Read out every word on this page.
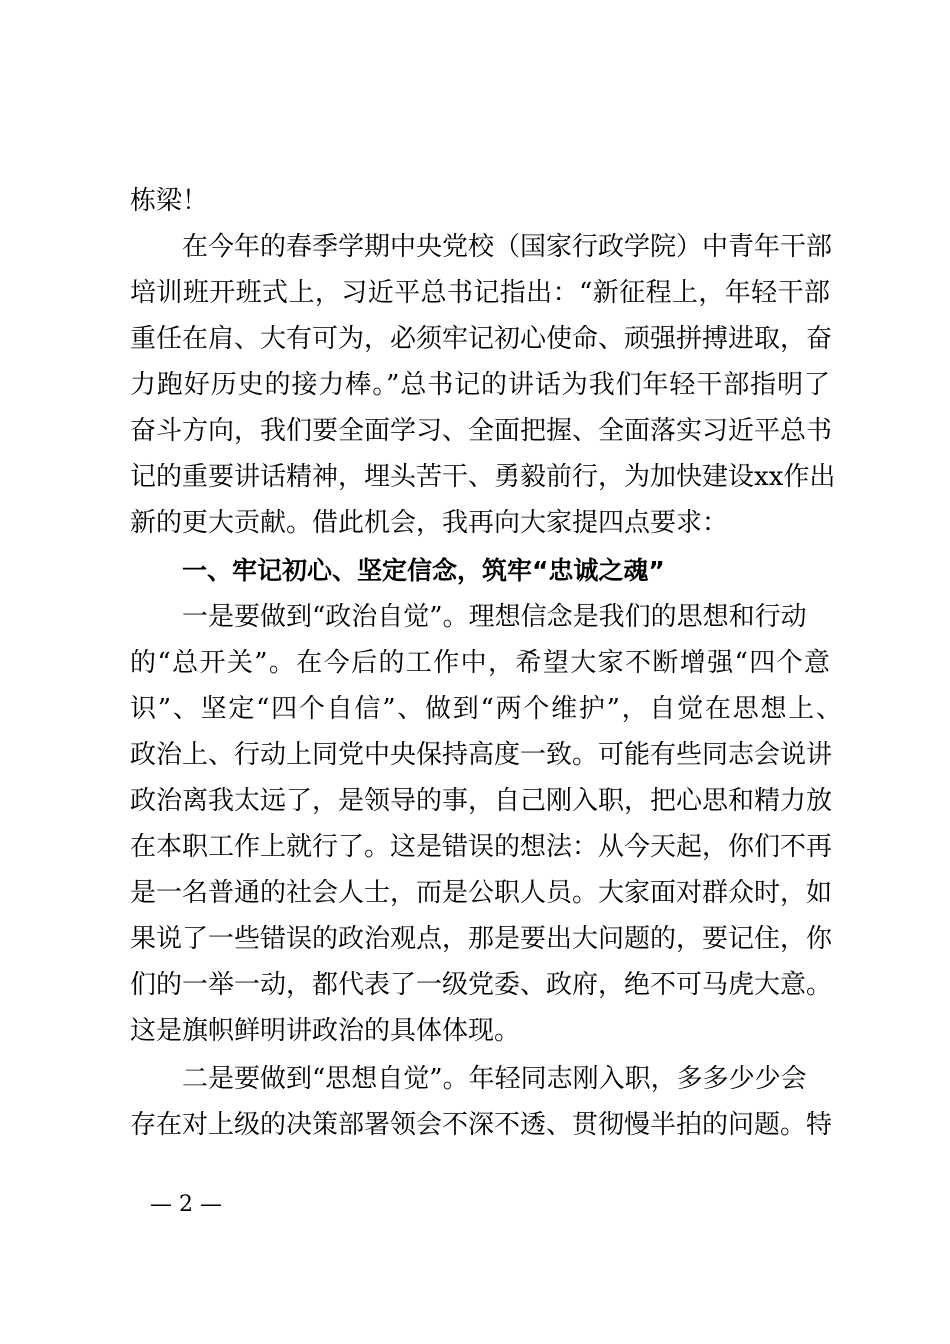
栋梁！
在今年的春季学期中央党校（国家行政学院）中青年干部
培训班开班式上，习近平总书记指出：“新征程上，年轻干部
重任在肩、大有可为，必须牢记初心使命、顽强拼搏进取，奋
力跑好历史的接力棒。”总书记的讲话为我们年轻干部指明了
奋斗方向，我们要全面学习、全面把握、全面落实习近平总书
记的重要讲话精神，埋头苦干、勇毅前行，为加快建设xx作出
新的更大贡献。借此机会，我再向大家提四点要求：
一、牢记初心、坚定信念，筑牢“忠诚之魂”
一是要做到“政治自觉”。理想信念是我们的思想和行动
的“总开关”。在今后的工作中，希望大家不断增强“四个意
识”、坚定“四个自信”、做到“两个维护”，自觉在思想上、
政治上、行动上同党中央保持高度一致。可能有些同志会说讲
政治离我太远了，是领导的事，自己刚入职，把心思和精力放
在本职工作上就行了。这是错误的想法：从今天起，你们不再
是一名普通的社会人士，而是公职人员。大家面对群众时，如
果说了一些错误的政治观点，那是要出大问题的，要记住，你
们的一举一动，都代表了一级党委、政府，绝不可马虎大意。
这是旗帜鲜明讲政治的具体体现。
二是要做到“思想自觉”。年轻同志刚入职，多多少少会
存在对上级的决策部署领会不深不透、贯彻慢半拍的问题。特
— 2 —
